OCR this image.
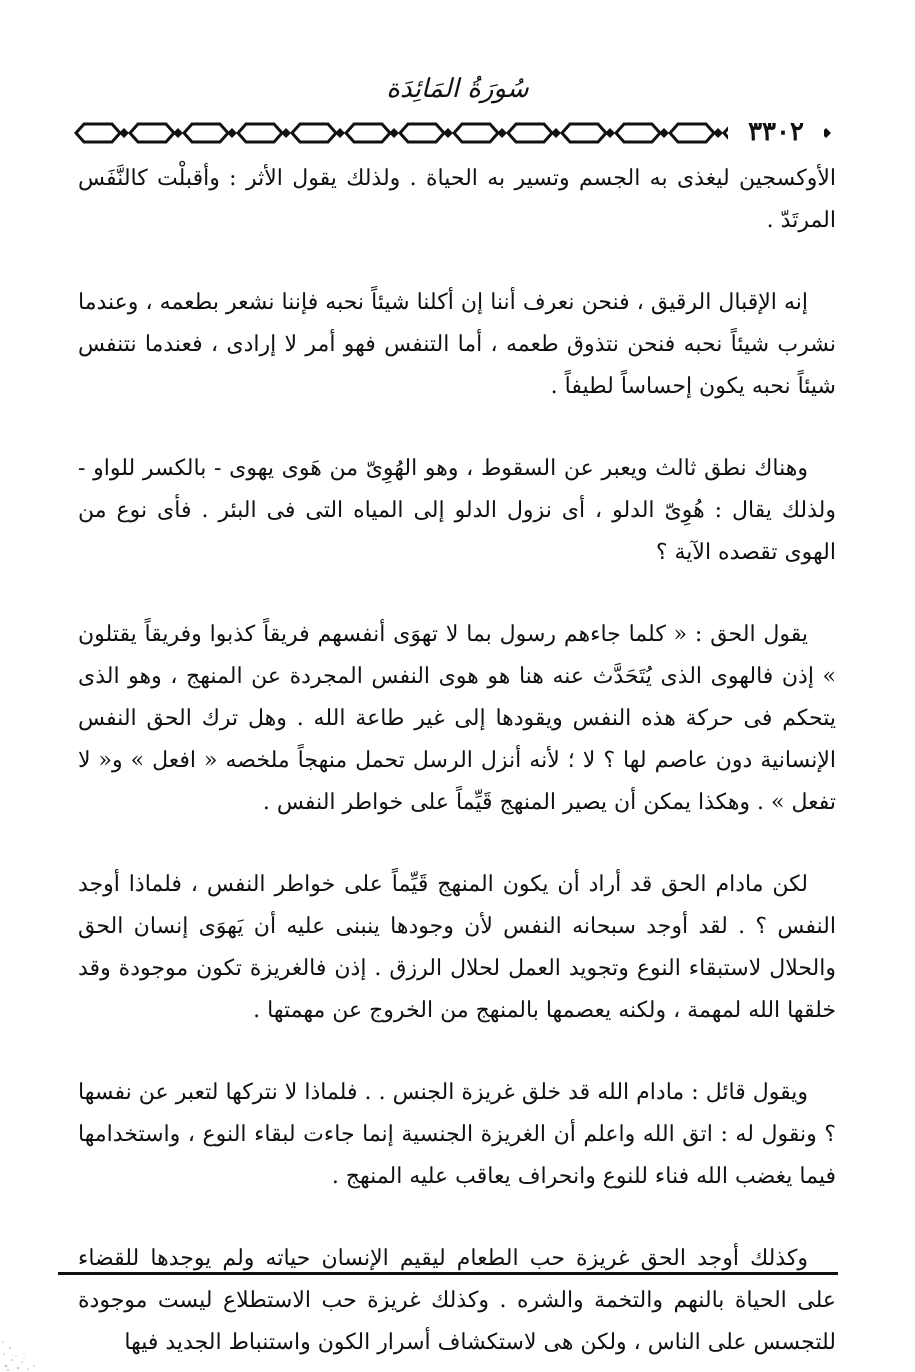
سُورَةُ المَائِدَة
٣٣٠٢

الأوكسجين ليغذى به الجسم وتسير به الحياة . ولذلك يقول الأثر : وأقبلْت كالنَّفَس المرتَدّ .

إنه الإقبال الرقيق ، فنحن نعرف أننا إن أكلنا شيئاً نحبه فإننا نشعر بطعمه ، وعندما نشرب شيئاً نحبه فنحن نتذوق طعمه ، أما التنفس فهو أمر لا إرادى ، فعندما نتنفس شيئاً نحبه يكون إحساساً لطيفاً .

وهناك نطق ثالث ويعبر عن السقوط ، وهو الهُوِىّ من هَوى يهوى - بالكسر للواو - ولذلك يقال : هُوِىّ الدلو ، أى نزول الدلو إلى المياه التى فى البئر . فأى نوع من الهوى تقصده الآية ؟

يقول الحق : « كلما جاءهم رسول بما لا تهوَى أنفسهم فريقاً كذبوا وفريقاً يقتلون » إذن فالهوى الذى يُتَحَدَّث عنه هنا هو هوى النفس المجردة عن المنهج ، وهو الذى يتحكم فى حركة هذه النفس ويقودها إلى غير طاعة الله . وهل ترك الحق النفس الإنسانية دون عاصم لها ؟ لا ؛ لأنه أنزل الرسل تحمل منهجاً ملخصه « افعل » و« لا تفعل » . وهكذا يمكن أن يصير المنهج قَيِّماً على خواطر النفس .

لكن مادام الحق قد أراد أن يكون المنهج قَيِّماً على خواطر النفس ، فلماذا أوجد النفس ؟ . لقد أوجد سبحانه النفس لأن وجودها ينبنى عليه أن يَهوَى إنسان الحق والحلال لاستبقاء النوع وتجويد العمل لحلال الرزق . إذن فالغريزة تكون موجودة وقد خلقها الله لمهمة ، ولكنه يعصمها بالمنهج من الخروج عن مهمتها .

ويقول قائل : مادام الله قد خلق غريزة الجنس . . فلماذا لا نتركها لتعبر عن نفسها ؟ ونقول له : اتق الله واعلم أن الغريزة الجنسية إنما جاءت لبقاء النوع ، واستخدامها فيما يغضب الله فناء للنوع وانحراف يعاقب عليه المنهج .

وكذلك أوجد الحق غريزة حب الطعام ليقيم الإنسان حياته ولم يوجدها للقضاء على الحياة بالنهم والتخمة والشره . وكذلك غريزة حب الاستطلاع ليست موجودة للتجسس على الناس ، ولكن هى لاستكشاف أسرار الكون واستنباط الجديد فيها
